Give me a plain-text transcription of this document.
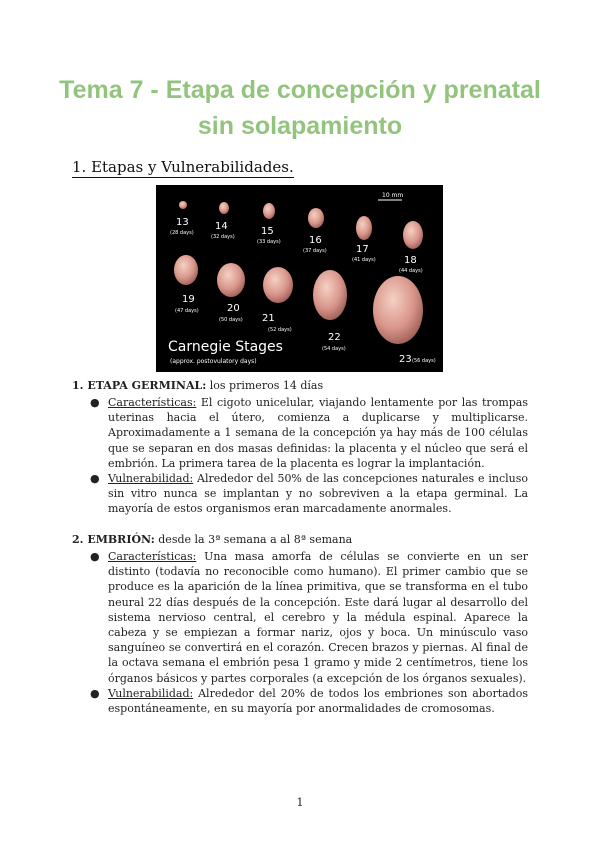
Tema 7 - Etapa de concepción y prenatal
sin solapamiento
1. Etapas y Vulnerabilidades.
10 mm
13
(28 days)
14
(32 days)	15
(33 days)	16
(37 days)	17
(41 days)	18
(44 days)
19
(47 days)	20
(50 days) 21
(52 days)
22
(54 days)
23 (56 days)
Carnegie Stages
(approx. postovulatory days)
1. ETAPA GERMINAL: los primeros 14 días
● Características: El cigoto unicelular, viajando lentamente por las trompas uterinas hacia el útero, comienza a duplicarse y multiplicarse. Aproximadamente a 1 semana de la concepción ya hay más de 100 células que se separan en dos masas definidas: la placenta y el núcleo que será el embrión. La primera tarea de la placenta es lograr la implantación.
● Vulnerabilidad: Alrededor del 50% de las concepciones naturales e incluso sin vitro nunca se implantan y no sobreviven a la etapa germinal. La mayoría de estos organismos eran marcadamente anormales.
2. EMBRIÓN: desde la 3ª semana a al 8ª semana
● Características: Una masa amorfa de células se convierte en un ser distinto (todavía no reconocible como humano). El primer cambio que se produce es la aparición de la línea primitiva, que se transforma en el tubo neural 22 días después de la concepción. Este dará lugar al desarrollo del sistema nervioso central, el cerebro y la médula espinal. Aparece la cabeza y se empiezan a formar nariz, ojos y boca. Un minúsculo vaso sanguíneo se convertirá en el corazón. Crecen brazos y piernas. Al final de la octava semana el embrión pesa 1 gramo y mide 2 centímetros, tiene los órganos básicos y partes corporales (a excepción de los órganos sexuales).
● Vulnerabilidad: Alrededor del 20% de todos los embriones son abortados espontáneamente, en su mayoría por anormalidades de cromosomas.
1
